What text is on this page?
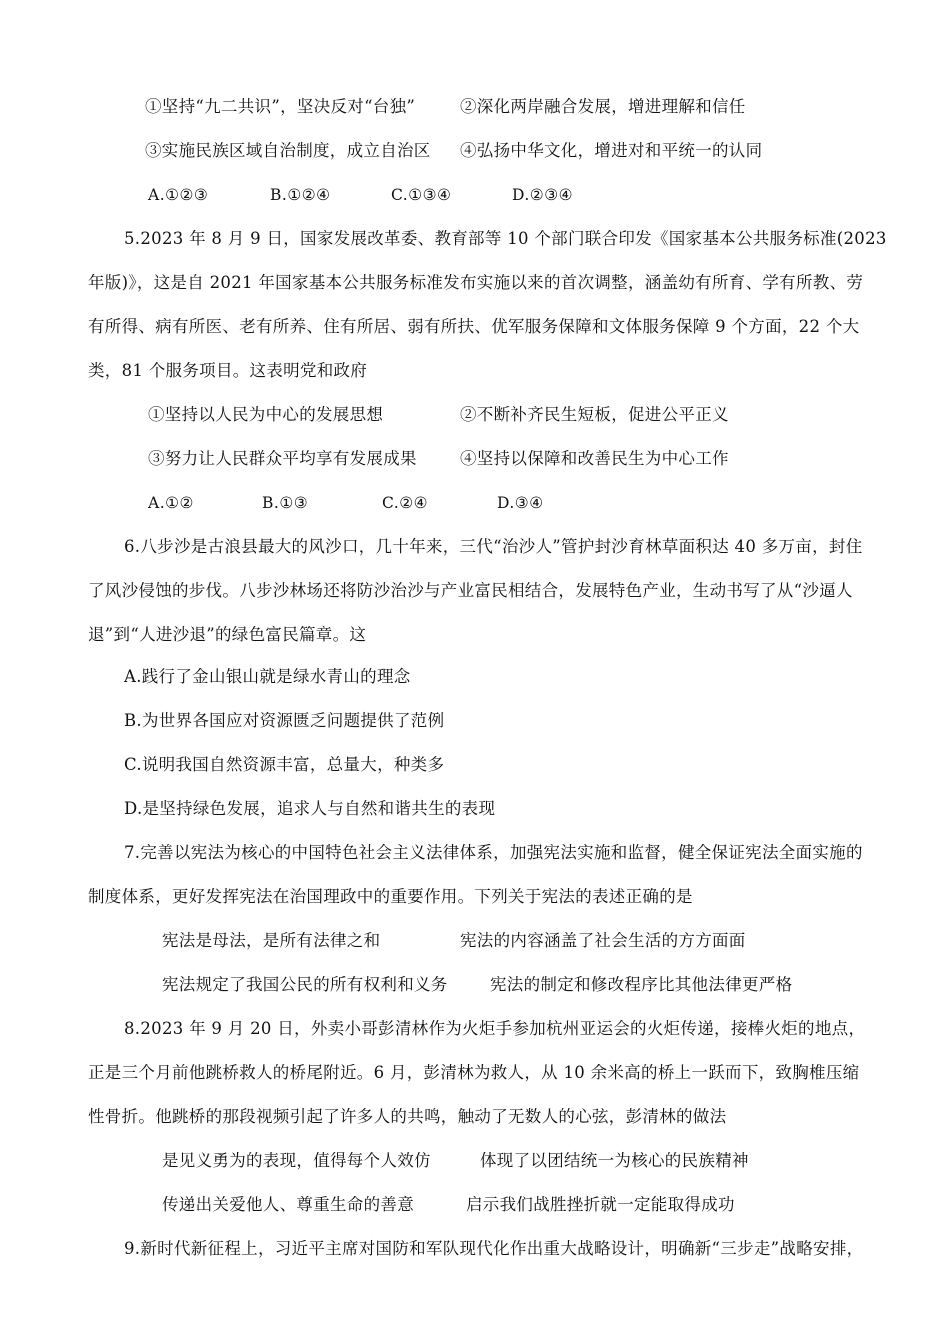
①坚持“九二共识”，坚决反对“台独”	②深化两岸融合发展，增进理解和信任
③实施民族区域自治制度，成立自治区 ④弘扬中华文化，增进对和平统一的认同
A.①②③	B.①②④	C.①③④	D.②③④
5.2023 年 8 月 9 日，国家发展改革委、教育部等 10 个部门联合印发《国家基本公共服务标准(2023
年版)》，这是自 2021 年国家基本公共服务标准发布实施以来的首次调整，涵盖幼有所育、学有所教、劳
有所得、病有所医、老有所养、住有所居、弱有所扶、优军服务保障和文体服务保障 9 个方面，22 个大
类，81 个服务项目。这表明党和政府
①坚持以人民为中心的发展思想	②不断补齐民生短板，促进公平正义
③努力让人民群众平均享有发展成果	④坚持以保障和改善民生为中心工作
A.①②	B.①③	C.②④	D.③④
6.八步沙是古浪县最大的风沙口，几十年来，三代“治沙人”管护封沙育林草面积达 40 多万亩，封住
了风沙侵蚀的步伐。八步沙林场还将防沙治沙与产业富民相结合，发展特色产业，生动书写了从“沙逼人
退”到“人进沙退”的绿色富民篇章。这
A.践行了金山银山就是绿水青山的理念
B.为世界各国应对资源匮乏问题提供了范例
C.说明我国自然资源丰富，总量大，种类多
D.是坚持绿色发展，追求人与自然和谐共生的表现
7.完善以宪法为核心的中国特色社会主义法律体系，加强宪法实施和监督，健全保证宪法全面实施的
制度体系，更好发挥宪法在治国理政中的重要作用。下列关于宪法的表述正确的是
宪法是母法，是所有法律之和	宪法的内容涵盖了社会生活的方方面面
宪法规定了我国公民的所有权利和义务	宪法的制定和修改程序比其他法律更严格
8.2023 年 9 月 20 日，外卖小哥彭清林作为火炬手参加杭州亚运会的火炬传递，接棒火炬的地点，
正是三个月前他跳桥救人的桥尾附近。6 月，彭清林为救人，从 10 余米高的桥上一跃而下，致胸椎压缩
性骨折。他跳桥的那段视频引起了许多人的共鸣，触动了无数人的心弦，彭清林的做法
是见义勇为的表现，值得每个人效仿	体现了以团结统一为核心的民族精神
传递出关爱他人、尊重生命的善意	启示我们战胜挫折就一定能取得成功
9.新时代新征程上，习近平主席对国防和军队现代化作出重大战略设计，明确新“三步走”战略安排，
